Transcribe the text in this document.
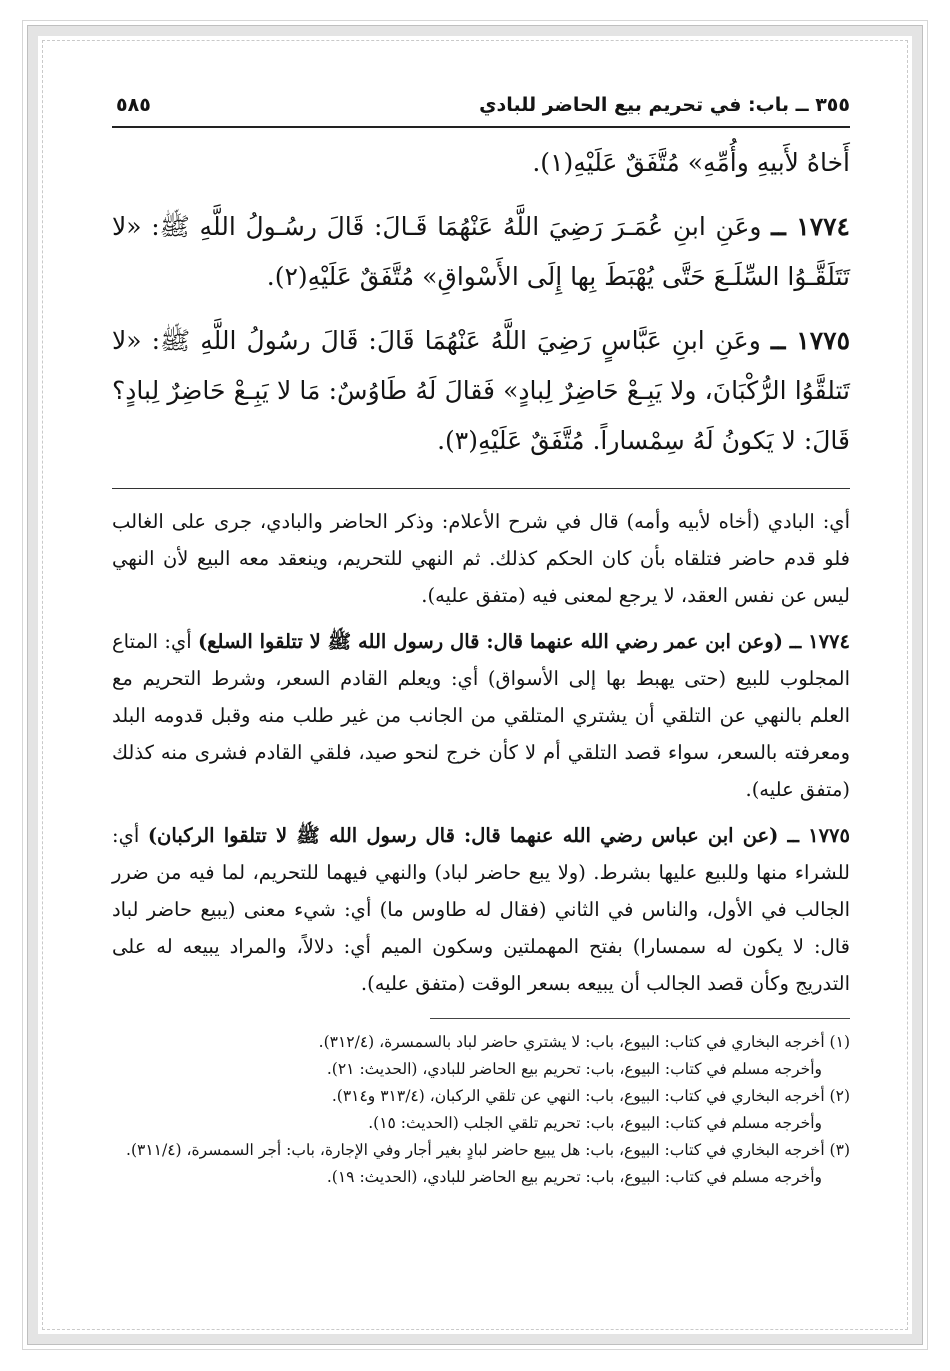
٣٥٥ ــ باب: في تحريم بيع الحاضر للبادي
٥٨٥

أَخاهُ لأَبيهِ وأُمِّهِ» مُتَّفَقٌ عَلَيْهِ(١).

١٧٧٤ ــ وعَنِ ابنِ عُمَـرَ رَضِيَ اللَّهُ عَنْهُمَا قَـالَ: قَالَ رسُـولُ اللَّهِ ﷺ: «لا تَتَلَقَّـوُا السِّلَـعَ حَتَّى يُهْبَطَ بِها إِلَى الأَسْواقِ» مُتَّفَقٌ عَلَيْهِ(٢).

١٧٧٥ ــ وعَنِ ابنِ عَبَّاسٍ رَضِيَ اللَّهُ عَنْهُمَا قَالَ: قَالَ رسُولُ اللَّهِ ﷺ: «لا تَتلقَّوُا الرُّكْبَانَ، ولا يَبِـعْ حَاضِرٌ لِبادٍ» فَقالَ لَهُ طَاوُسٌ: مَا لا يَبِـعْ حَاضِرٌ لِبادٍ؟ قَالَ: لا يَكونُ لَهُ سِمْساراً. مُتَّفَقٌ عَلَيْهِ(٣).

أي: البادي (أخاه لأبيه وأمه) قال في شرح الأعلام: وذكر الحاضر والبادي، جرى على الغالب فلو قدم حاضر فتلقاه بأن كان الحكم كذلك. ثم النهي للتحريم، وينعقد معه البيع لأن النهي ليس عن نفس العقد، لا يرجع لمعنى فيه (متفق عليه).

١٧٧٤ ــ (وعن ابن عمر رضي الله عنهما قال: قال رسول الله ﷺ لا تتلقوا السلع) أي: المتاع المجلوب للبيع (حتى يهبط بها إلى الأسواق) أي: ويعلم القادم السعر، وشرط التحريم مع العلم بالنهي عن التلقي أن يشتري المتلقي من الجانب من غير طلب منه وقبل قدومه البلد ومعرفته بالسعر، سواء قصد التلقي أم لا كأن خرج لنحو صيد، فلقي القادم فشرى منه كذلك (متفق عليه).

١٧٧٥ ــ (عن ابن عباس رضي الله عنهما قال: قال رسول الله ﷺ لا تتلقوا الركبان) أي: للشراء منها وللبيع عليها بشرط. (ولا يبع حاضر لباد) والنهي فيهما للتحريم، لما فيه من ضرر الجالب في الأول، والناس في الثاني (فقال له طاوس ما) أي: شيء معنى (يبيع حاضر لباد قال: لا يكون له سمسارا) بفتح المهملتين وسكون الميم أي: دلالاً، والمراد يبيعه له على التدريج وكأن قصد الجالب أن يبيعه بسعر الوقت (متفق عليه).

(١) أخرجه البخاري في كتاب: البيوع، باب: لا يشتري حاضر لباد بالسمسرة، (٣١٢/٤).

وأخرجه مسلم في كتاب: البيوع، باب: تحريم بيع الحاضر للبادي، (الحديث: ٢١).

(٢) أخرجه البخاري في كتاب: البيوع، باب: النهي عن تلقي الركبان، (٣١٣/٤ و٣١٤).

وأخرجه مسلم في كتاب: البيوع، باب: تحريم تلقي الجلب (الحديث: ١٥).

(٣) أخرجه البخاري في كتاب: البيوع، باب: هل يبيع حاضر لبادٍ بغير أجار وفي الإجارة، باب: أجر السمسرة، (٣١١/٤).

وأخرجه مسلم في كتاب: البيوع، باب: تحريم بيع الحاضر للبادي، (الحديث: ١٩).
